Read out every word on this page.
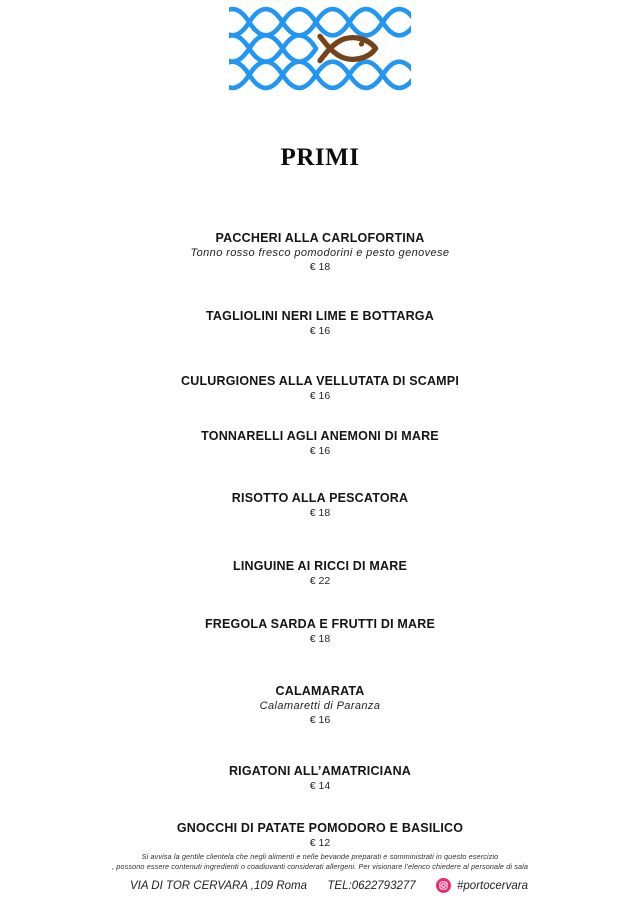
PRIMI
PACCHERI ALLA CARLOFORTINA
Tonno rosso fresco pomodorini e pesto genovese
€ 18
TAGLIOLINI NERI LIME E BOTTARGA
€ 16
CULURGIONES ALLA VELLUTATA DI SCAMPI
€ 16
TONNARELLI AGLI ANEMONI DI MARE
€ 16
RISOTTO ALLA PESCATORA
€ 18
LINGUINE AI RICCI DI MARE
€ 22
FREGOLA SARDA E FRUTTI DI MARE
€ 18
CALAMARATA
Calamaretti di Paranza
€ 16
RIGATONI ALL’AMATRICIANA
€ 14
GNOCCHI DI PATATE POMODORO E BASILICO
€ 12
Si avvisa la gentile clientela che negli alimenti e nelle bevande preparati e somministrati in questo esercizio
, possono essere contenuti ingredienti o coadiuvanti considerati allergeni. Per visionare l’elenco chiedere al personale di sala
VIA DI TOR CERVARA ,109 Roma TEL:0622793277	#portocervara
